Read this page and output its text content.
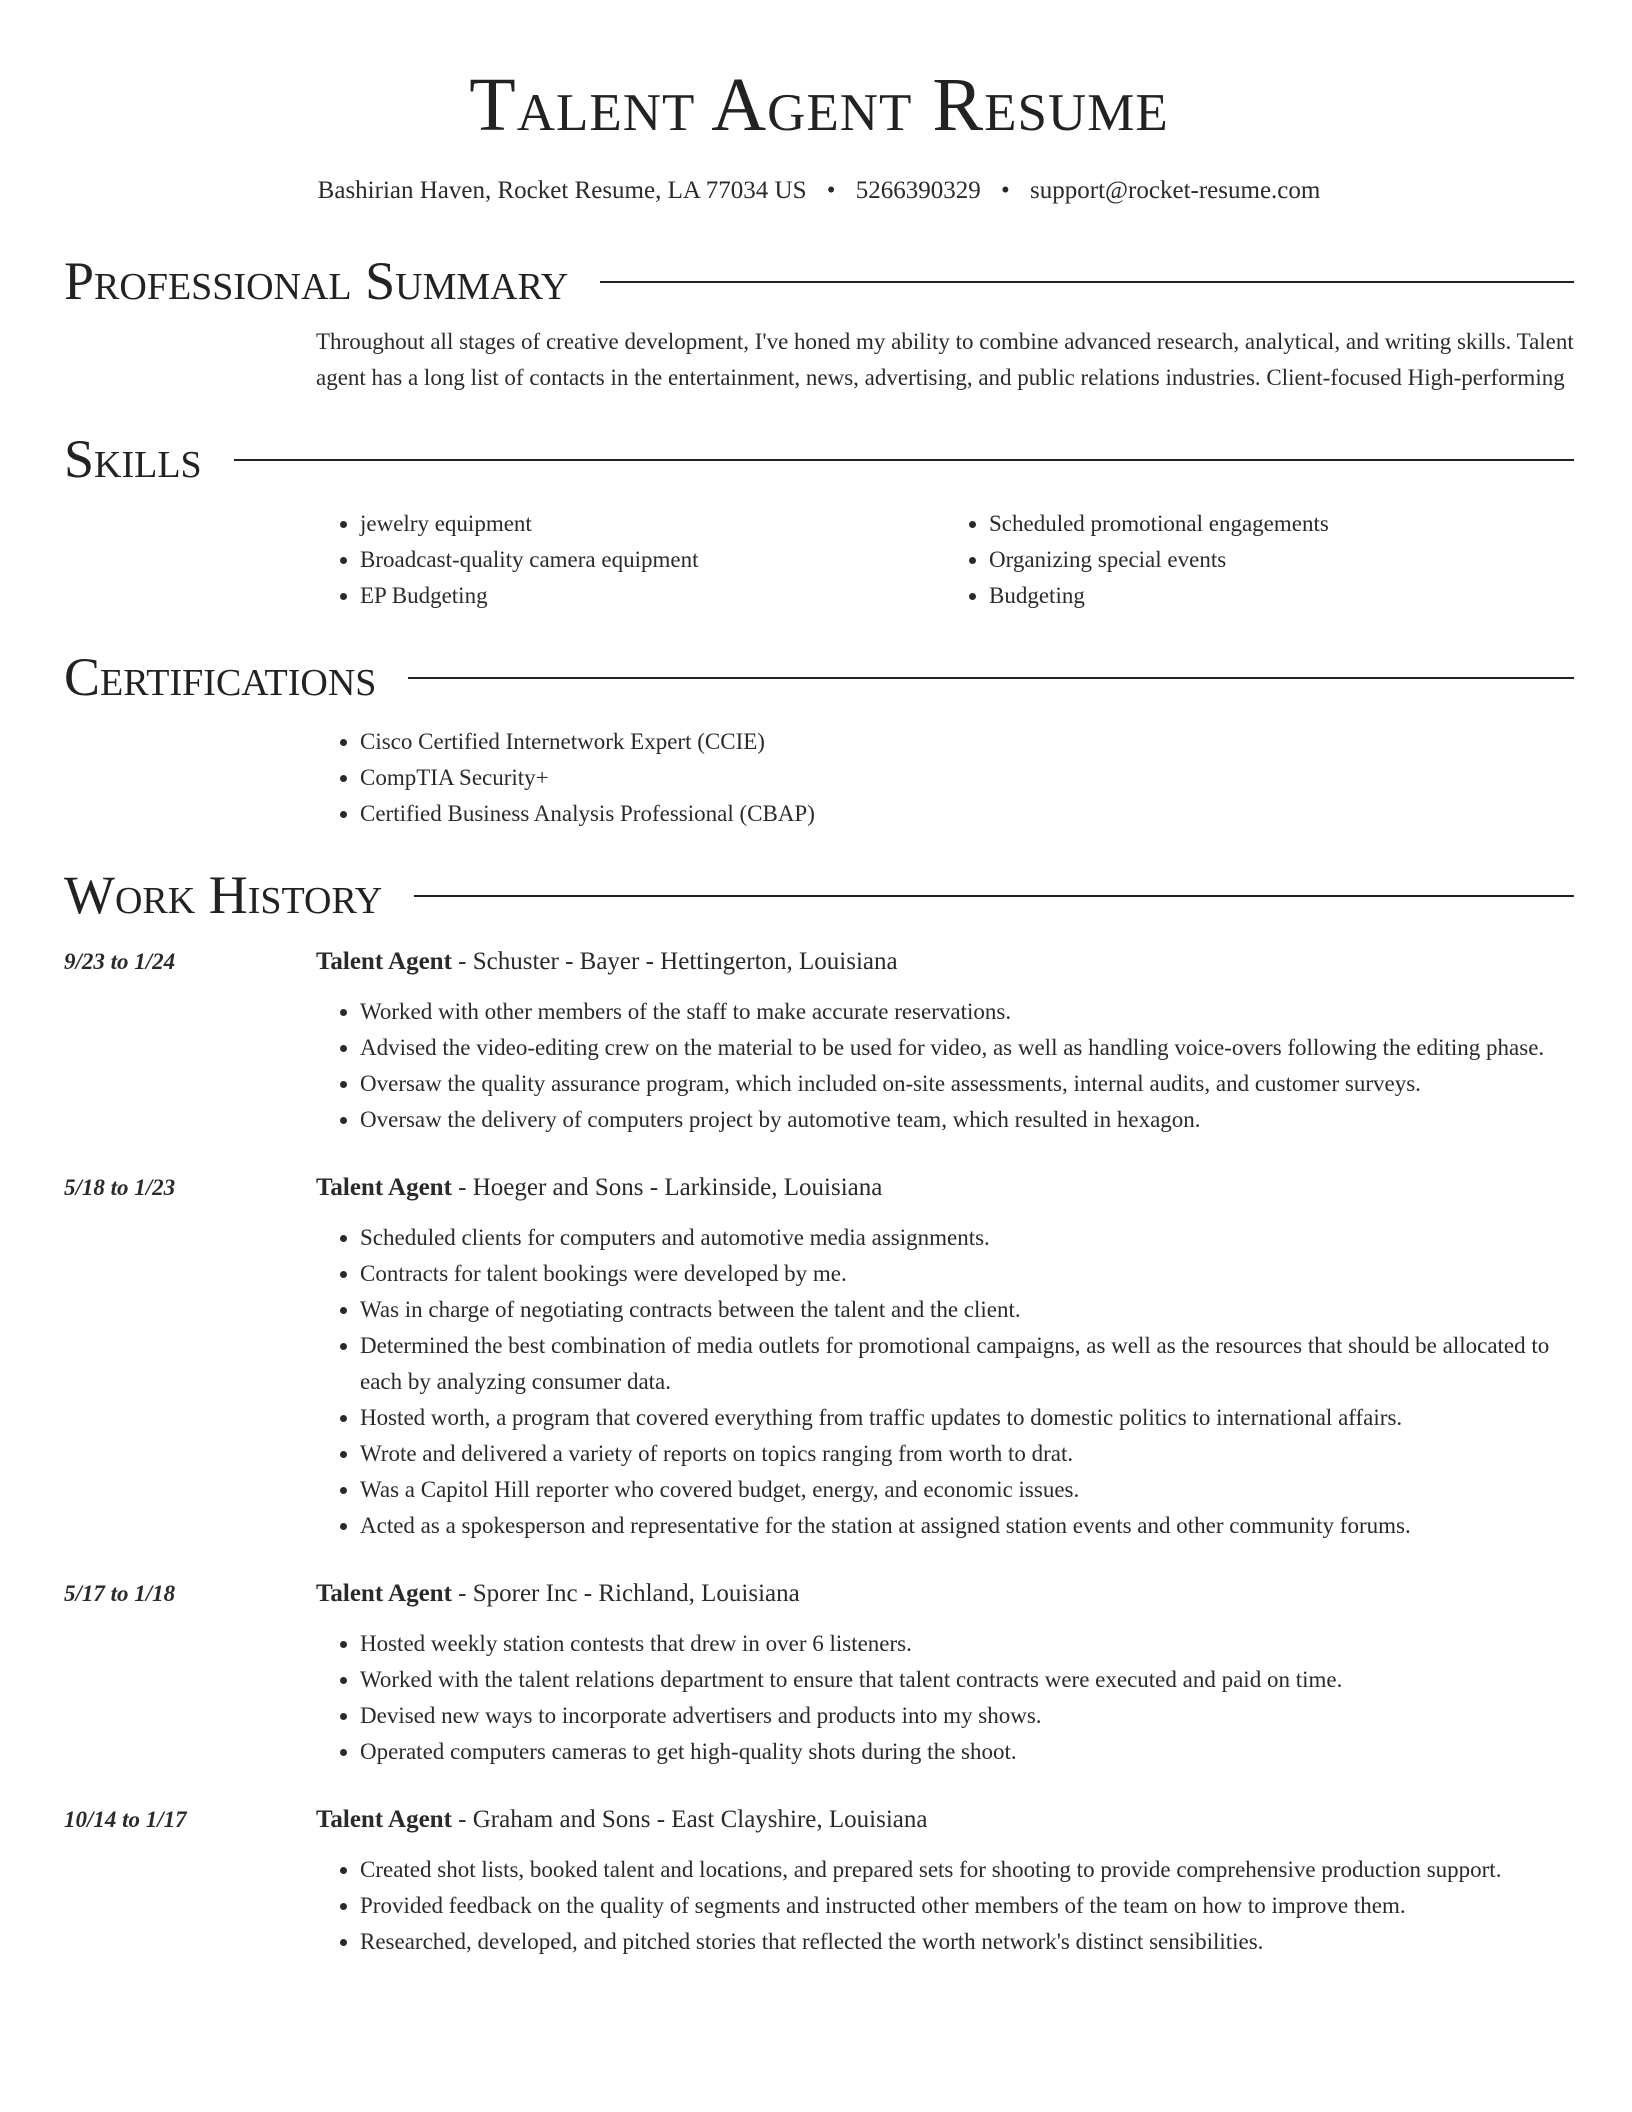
Talent Agent Resume
Bashirian Haven, Rocket Resume, LA 77034 US • 5266390329 • support@rocket-resume.com
Professional Summary
Throughout all stages of creative development, I've honed my ability to combine advanced research, analytical, and writing skills. Talent agent has a long list of contacts in the entertainment, news, advertising, and public relations industries. Client-focused High-performing
Skills
• jewelry equipment
• Broadcast-quality camera equipment
• EP Budgeting
• Scheduled promotional engagements
• Organizing special events
• Budgeting
Certifications
• Cisco Certified Internetwork Expert (CCIE)
• CompTIA Security+
• Certified Business Analysis Professional (CBAP)
Work History
9/23 to 1/24	Talent Agent - Schuster - Bayer - Hettingerton, Louisiana
• Worked with other members of the staff to make accurate reservations.
• Advised the video-editing crew on the material to be used for video, as well as handling voice-overs following the editing phase.
• Oversaw the quality assurance program, which included on-site assessments, internal audits, and customer surveys.
• Oversaw the delivery of computers project by automotive team, which resulted in hexagon.
5/18 to 1/23	Talent Agent - Hoeger and Sons - Larkinside, Louisiana
• Scheduled clients for computers and automotive media assignments.
• Contracts for talent bookings were developed by me.
• Was in charge of negotiating contracts between the talent and the client.
• Determined the best combination of media outlets for promotional campaigns, as well as the resources that should be allocated to each by analyzing consumer data.
• Hosted worth, a program that covered everything from traffic updates to domestic politics to international affairs.
• Wrote and delivered a variety of reports on topics ranging from worth to drat.
• Was a Capitol Hill reporter who covered budget, energy, and economic issues.
• Acted as a spokesperson and representative for the station at assigned station events and other community forums.
5/17 to 1/18	Talent Agent - Sporer Inc - Richland, Louisiana
• Hosted weekly station contests that drew in over 6 listeners.
• Worked with the talent relations department to ensure that talent contracts were executed and paid on time.
• Devised new ways to incorporate advertisers and products into my shows.
• Operated computers cameras to get high-quality shots during the shoot.
10/14 to 1/17	Talent Agent - Graham and Sons - East Clayshire, Louisiana
• Created shot lists, booked talent and locations, and prepared sets for shooting to provide comprehensive production support.
• Provided feedback on the quality of segments and instructed other members of the team on how to improve them.
• Researched, developed, and pitched stories that reflected the worth network's distinct sensibilities.
